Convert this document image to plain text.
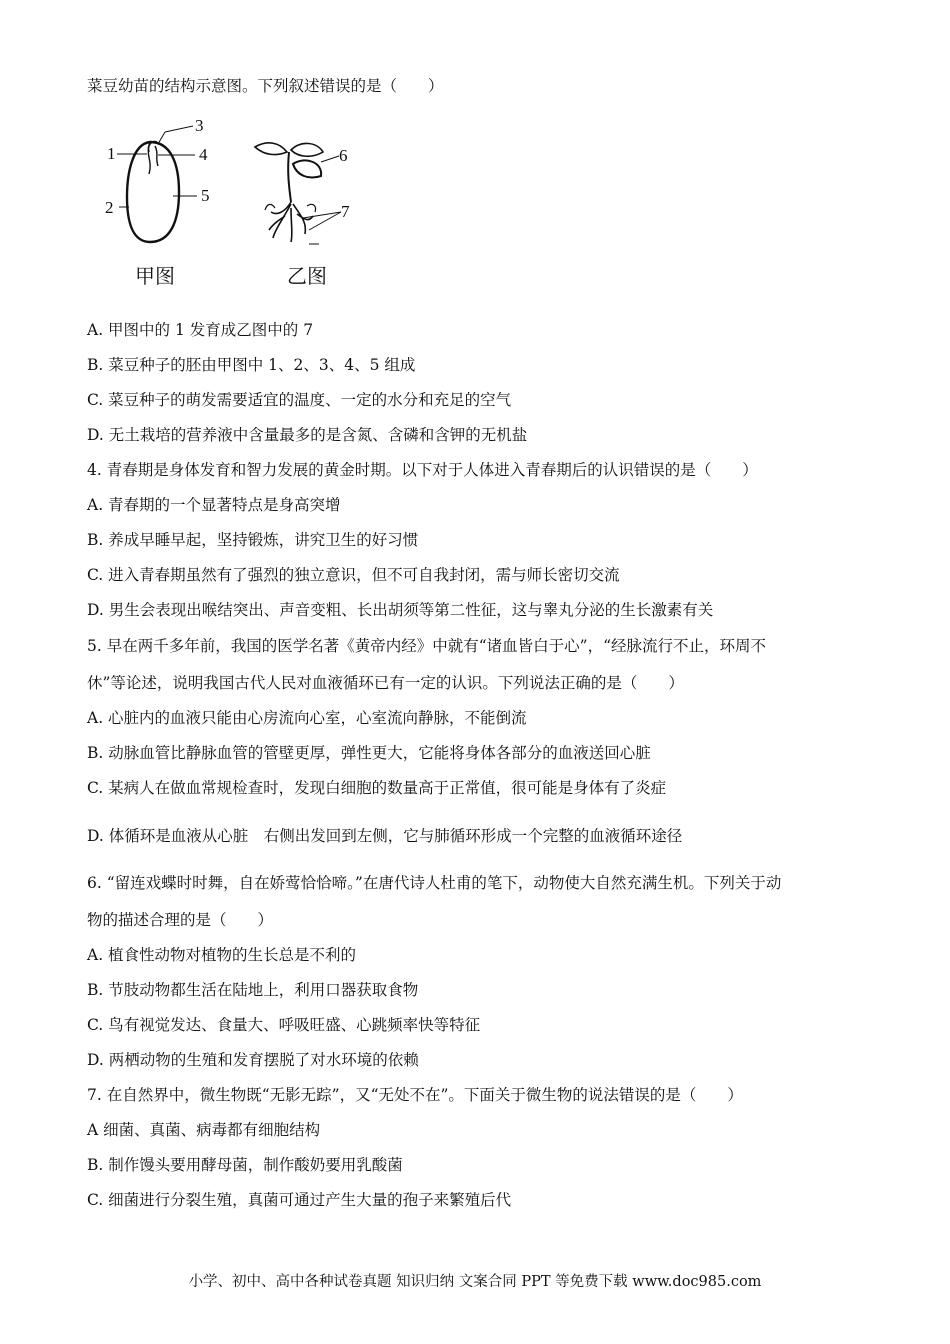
菜豆幼苗的结构示意图。下列叙述错误的是（　　）
1
2
3
4
5
6
7
甲图	乙图
A. 甲图中的 1 发育成乙图中的 7
B. 菜豆种子的胚由甲图中 1、2、3、4、5 组成
C. 菜豆种子的萌发需要适宜的温度、一定的水分和充足的空气
D. 无土栽培的营养液中含量最多的是含氮、含磷和含钾的无机盐
4. 青春期是身体发育和智力发展的黄金时期。以下对于人体进入青春期后的认识错误的是（　　）
A. 青春期的一个显著特点是身高突增
B. 养成早睡早起，坚持锻炼，讲究卫生的好习惯
C. 进入青春期虽然有了强烈的独立意识，但不可自我封闭，需与师长密切交流
D. 男生会表现出喉结突出、声音变粗、长出胡须等第二性征，这与睾丸分泌的生长激素有关
5. 早在两千多年前，我国的医学名著《黄帝内经》中就有“诸血皆白于心”，“经脉流行不止，环周不
休”等论述，说明我国古代人民对血液循环已有一定的认识。下列说法正确的是（　　）
A. 心脏内的血液只能由心房流向心室，心室流向静脉，不能倒流
B. 动脉血管比静脉血管的管壁更厚，弹性更大，它能将身体各部分的血液送回心脏
C. 某病人在做血常规检查时，发现白细胞的数量高于正常值，很可能是身体有了炎症
D. 体循环是血液从心脏　右侧出发回到左侧，它与肺循环形成一个完整的血液循环途径
6. “留连戏蝶时时舞，自在娇莺恰恰啼。”在唐代诗人杜甫的笔下，动物使大自然充满生机。下列关于动
物的描述合理的是（　　）
A. 植食性动物对植物的生长总是不利的
B. 节肢动物都生活在陆地上，利用口器获取食物
C. 鸟有视觉发达、食量大、呼吸旺盛、心跳频率快等特征
D. 两栖动物的生殖和发育摆脱了对水环境的依赖
7. 在自然界中，微生物既“无影无踪”，又“无处不在”。下面关于微生物的说法错误的是（　　）
A 细菌、真菌、病毒都有细胞结构
B. 制作馒头要用酵母菌，制作酸奶要用乳酸菌
C. 细菌进行分裂生殖，真菌可通过产生大量的孢子来繁殖后代
小学、初中、高中各种试卷真题 知识归纳 文案合同 PPT 等免费下载 www.doc985.com
